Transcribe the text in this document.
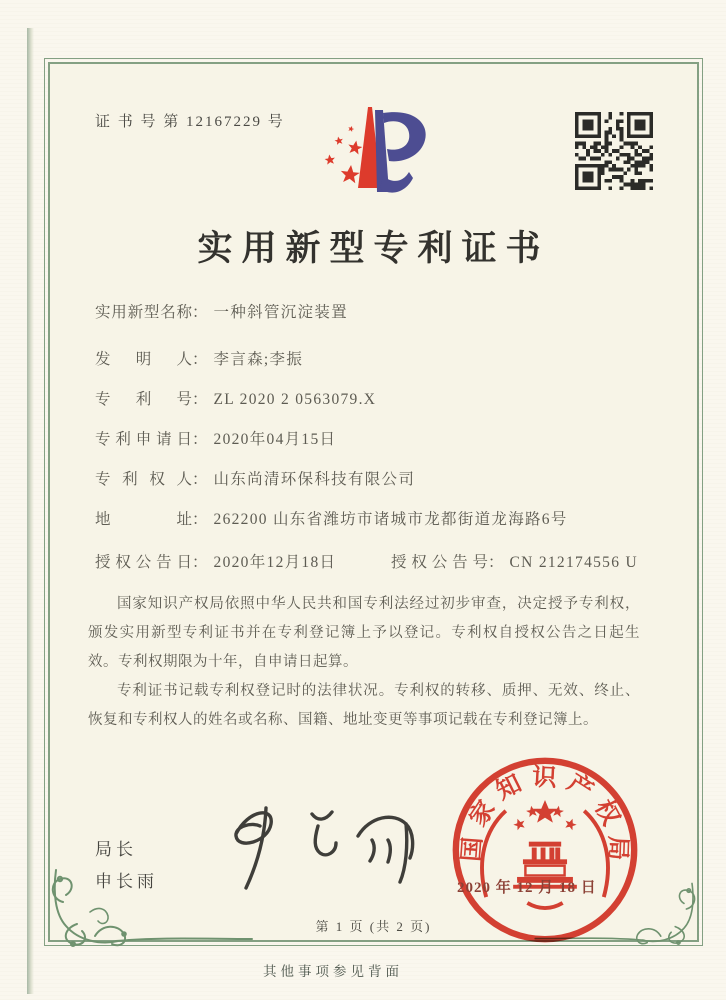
证 书 号 第 12167229 号
实用新型专利证书
实用新型名称： 一种斜管沉淀装置
发明人： 李言森;李振
专利号： ZL 2020 2 0563079.X
专利申请日： 2020年04月15日
专利权人： 山东尚清环保科技有限公司
地址： 262200 山东省潍坊市诸城市龙都街道龙海路6号
授权公告日： 2020年12月18日	授权公告号： CN 212174556 U

国家知识产权局依照中华人民共和国专利法经过初步审查，决定授予专利权，颁发实用新型专利证书并在专利登记簿上予以登记。专利权自授权公告之日起生效。专利权期限为十年，自申请日起算。

专利证书记载专利权登记时的法律状况。专利权的转移、质押、无效、终止、恢复和专利权人的姓名或名称、国籍、地址变更等事项记载在专利登记簿上。

局长
申长雨
国家知识产权局
2020 年 12 月 18 日
第 1 页 (共 2 页)
其他事项参见背面
